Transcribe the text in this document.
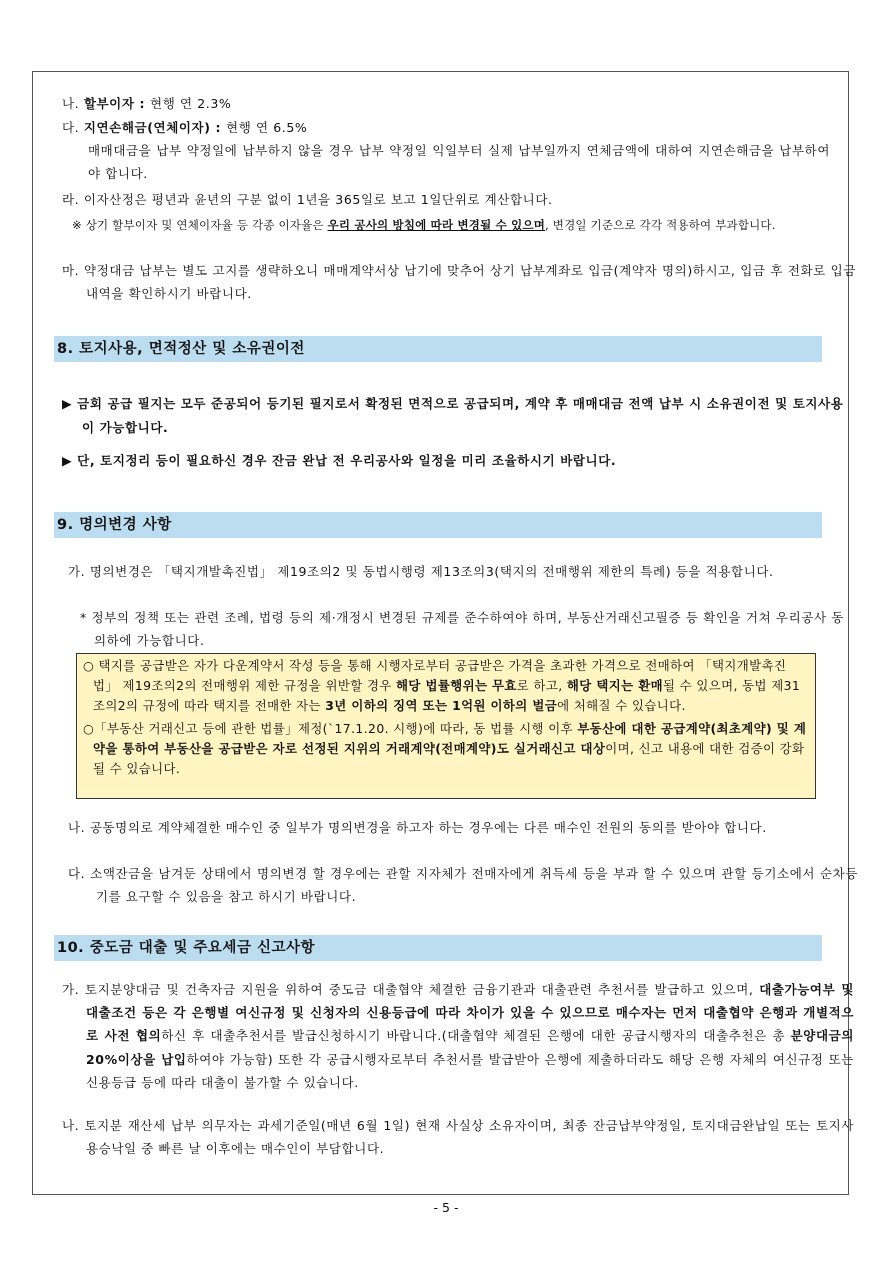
나. 할부이자 : 현행 연 2.3%
다. 지연손해금(연체이자) : 현행 연 6.5%
매매대금을 납부 약정일에 납부하지 않을 경우 납부 약정일 익일부터 실제 납부일까지 연체금액에 대하여 지연손해금을 납부하여야 합니다.
라. 이자산정은 평년과 윤년의 구분 없이 1년을 365일로 보고 1일단위로 계산합니다.
※ 상기 할부이자 및 연체이자율 등 각종 이자율은 우리 공사의 방침에 따라 변경될 수 있으며, 변경일 기준으로 각각 적용하여 부과합니다.
마. 약정대금 납부는 별도 고지를 생략하오니 매매계약서상 납기에 맞추어 상기 납부계좌로 입금(계약자 명의)하시고, 입금 후 전화로 입금내역을 확인하시기 바랍니다.
8. 토지사용, 면적정산 및 소유권이전
▶ 금회 공급 필지는 모두 준공되어 등기된 필지로서 확정된 면적으로 공급되며, 계약 후 매매대금 전액 납부 시 소유권이전 및 토지사용이 가능합니다.
▶ 단, 토지정리 등이 필요하신 경우 잔금 완납 전 우리공사와 일정을 미리 조율하시기 바랍니다.
9. 명의변경 사항
가. 명의변경은 「택지개발촉진법」 제19조의2 및 동법시행령 제13조의3(택지의 전매행위 제한의 특례) 등을 적용합니다.
* 정부의 정책 또는 관련 조례, 법령 등의 제·개정시 변경된 규제를 준수하여야 하며, 부동산거래신고필증 등 확인을 거쳐 우리공사 동의하에 가능합니다.

○ 택지를 공급받은 자가 다운계약서 작성 등을 통해 시행자로부터 공급받은 가격을 초과한 가격으로 전매하여 「택지개발촉진법」 제19조의2의 전매행위 제한 규정을 위반할 경우 해당 법률행위는 무효로 하고, 해당 택지는 환매될 수 있으며, 동법 제31조의2의 규정에 따라 택지를 전매한 자는 3년 이하의 징역 또는 1억원 이하의 벌금에 처해질 수 있습니다.

○「부동산 거래신고 등에 관한 법률」제정(`17.1.20. 시행)에 따라, 동 법률 시행 이후 부동산에 대한 공급계약(최초계약) 및 계약을 통하여 부동산을 공급받은 자로 선정된 지위의 거래계약(전매계약)도 실거래신고 대상이며, 신고 내용에 대한 검증이 강화될 수 있습니다.

나. 공동명의로 계약체결한 매수인 중 일부가 명의변경을 하고자 하는 경우에는 다른 매수인 전원의 동의를 받아야 합니다.
다. 소액잔금을 남겨둔 상태에서 명의변경 할 경우에는 관할 지자체가 전매자에게 취득세 등을 부과 할 수 있으며 관할 등기소에서 순차등기를 요구할 수 있음을 참고 하시기 바랍니다.
10. 중도금 대출 및 주요세금 신고사항
가. 토지분양대금 및 건축자금 지원을 위하여 중도금 대출협약 체결한 금융기관과 대출관련 추천서를 발급하고 있으며, 대출가능여부 및 대출조건 등은 각 은행별 여신규정 및 신청자의 신용등급에 따라 차이가 있을 수 있으므로 매수자는 먼저 대출협약 은행과 개별적으로 사전 협의하신 후 대출추천서를 발급신청하시기 바랍니다.(대출협약 체결된 은행에 대한 공급시행자의 대출추천은 총 분양대금의 20%이상을 납입하여야 가능함) 또한 각 공급시행자로부터 추천서를 발급받아 은행에 제출하더라도 해당 은행 자체의 여신규정 또는 신용등급 등에 따라 대출이 불가할 수 있습니다.
나. 토지분 재산세 납부 의무자는 과세기준일(매년 6월 1일) 현재 사실상 소유자이며, 최종 잔금납부약정일, 토지대금완납일 또는 토지사용승낙일 중 빠른 날 이후에는 매수인이 부담합니다.
- 5 -
